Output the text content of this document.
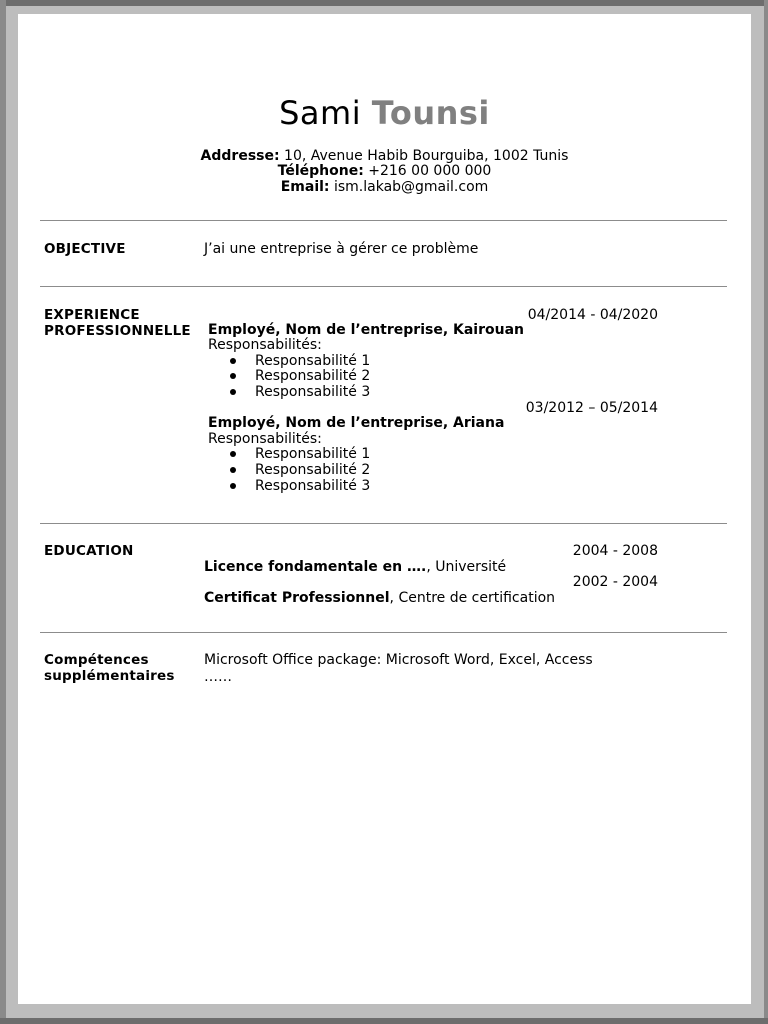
Sami Tounsi
Addresse: 10, Avenue Habib Bourguiba, 1002 Tunis
Téléphone: +216 00 000 000
Email: ism.lakab@gmail.com
OBJECTIVE	J’ai une entreprise à gérer ce problème
EXPERIENCE
PROFESSIONNELLE
04/2014 - 04/2020
Employé, Nom de l’entreprise, Kairouan
Responsabilités:
Responsabilité 1
Responsabilité 2
Responsabilité 3
03/2012 – 05/2014
Employé, Nom de l’entreprise, Ariana
Responsabilités:
Responsabilité 1
Responsabilité 2
Responsabilité 3
EDUCATION	2004 - 2008
Licence fondamentale en …., Université
2002 - 2004
Certificat Professionnel, Centre de certification
Compétences
supplémentaires
Microsoft Office package: Microsoft Word, Excel, Access
……
